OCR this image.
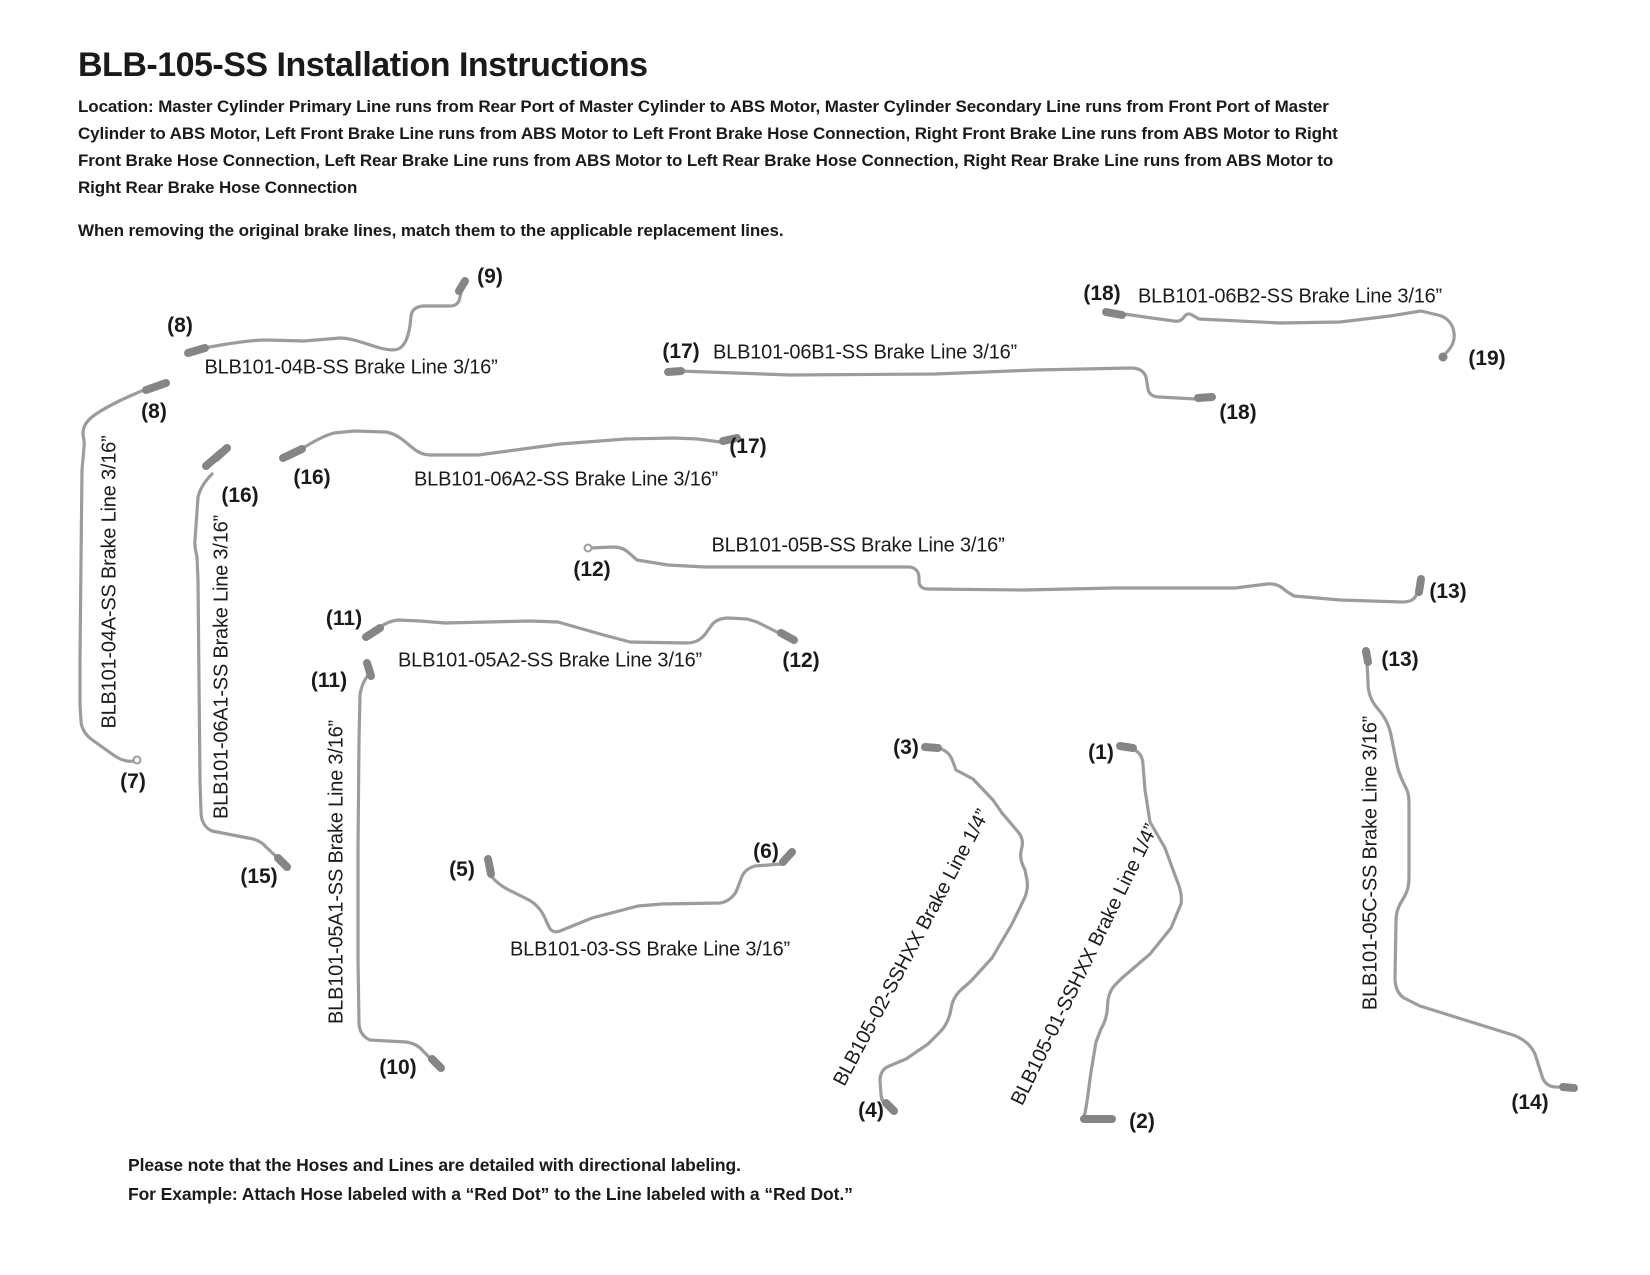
BLB-105-SS Installation Instructions
Location: Master Cylinder Primary Line runs from Rear Port of Master Cylinder to ABS Motor, Master Cylinder Secondary Line runs from Front Port of Master
Cylinder to ABS Motor, Left Front Brake Line runs from ABS Motor to Left Front Brake Hose Connection, Right Front Brake Line runs from ABS Motor to Right
Front Brake Hose Connection, Left Rear Brake Line runs from ABS Motor to Left Rear Brake Hose Connection, Right Rear Brake Line runs from ABS Motor to
Right Rear Brake Hose Connection
When removing the original brake lines, match them to the applicable replacement lines.
BLB101-04B-SS Brake Line 3/16”
BLB101-06B2-SS Brake Line 3/16”
BLB101-06B1-SS Brake Line 3/16”
BLB101-06A2-SS Brake Line 3/16”
BLB101-04A-SS Brake Line 3/16”	BLB101-06A1-SS Brake Line 3/16”	BLB101-05B-SS Brake Line 3/16”
BLB101-05A2-SS Brake Line 3/16”
BLB101-05A1-SS Brake Line 3/16”	BLB101-03-SS Brake Line 3/16” BLB105-02-SSHXX Brake Line 1/4” BLB105-01-SSHXX Brake Line 1/4”	BLB101-05C-SS Brake Line 3/16”
(8)
(9)
(8)
(7)
(16)
(15)
(16)
(17)
(17)
(18)
(18)
(19)
(12)
(13)
(11)
(12)
(11)
(10)
(5)
(6)
(3)
(4)
(1)
(2)
(13)
(14)
Please note that the Hoses and Lines are detailed with directional labeling.
For Example: Attach Hose labeled with a “Red Dot” to the Line labeled with a “Red Dot.”
